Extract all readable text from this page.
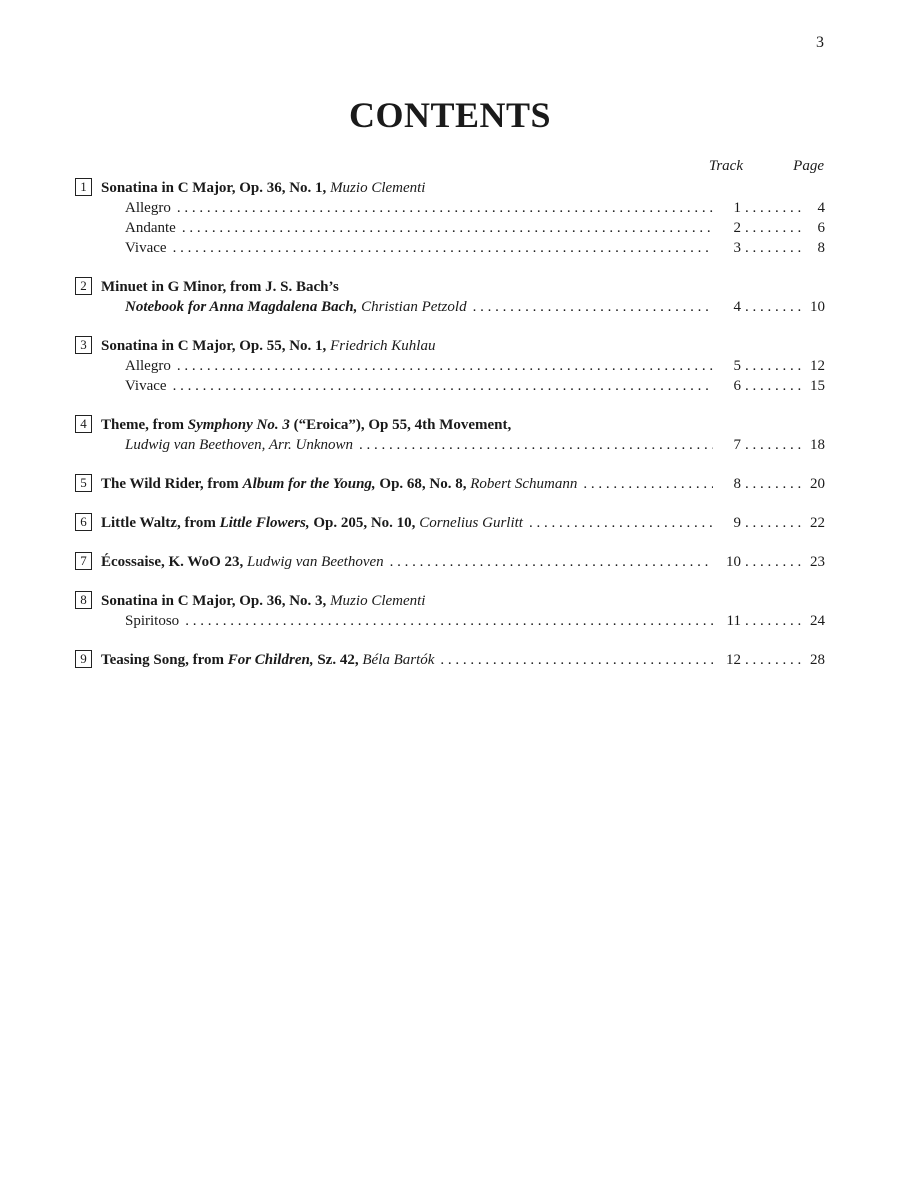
3
CONTENTS
Track	Page
1 Sonatina in C Major, Op. 36, No. 1, Muzio Clementi
Allegro . . .	1 . . .	4
Andante . . .	2 . . .	6
Vivace . . .	3 . . .	8
2 Minuet in G Minor, from J. S. Bach’s
Notebook for Anna Magdalena Bach, Christian Petzold . . .	4 . . .	10
3 Sonatina in C Major, Op. 55, No. 1, Friedrich Kuhlau
Allegro . . .	5 . . .	12
Vivace . . .	6 . . .	15
4 Theme, from Symphony No. 3 (“Eroica”), Op 55, 4th Movement,
Ludwig van Beethoven, Arr. Unknown . . .	7 . . .	18
5 The Wild Rider, from Album for the Young, Op. 68, No. 8, Robert Schumann . . .	8 . . .	20
6 Little Waltz, from Little Flowers, Op. 205, No. 10, Cornelius Gurlitt . . .	9 . . .	22
7 Écossaise, K. WoO 23, Ludwig van Beethoven . . .	10 . . .	23
8 Sonatina in C Major, Op. 36, No. 3, Muzio Clementi
Spiritoso . . .	11 . . .	24
9 Teasing Song, from For Children, Sz. 42, Béla Bartók . . .	12 . . .	28
